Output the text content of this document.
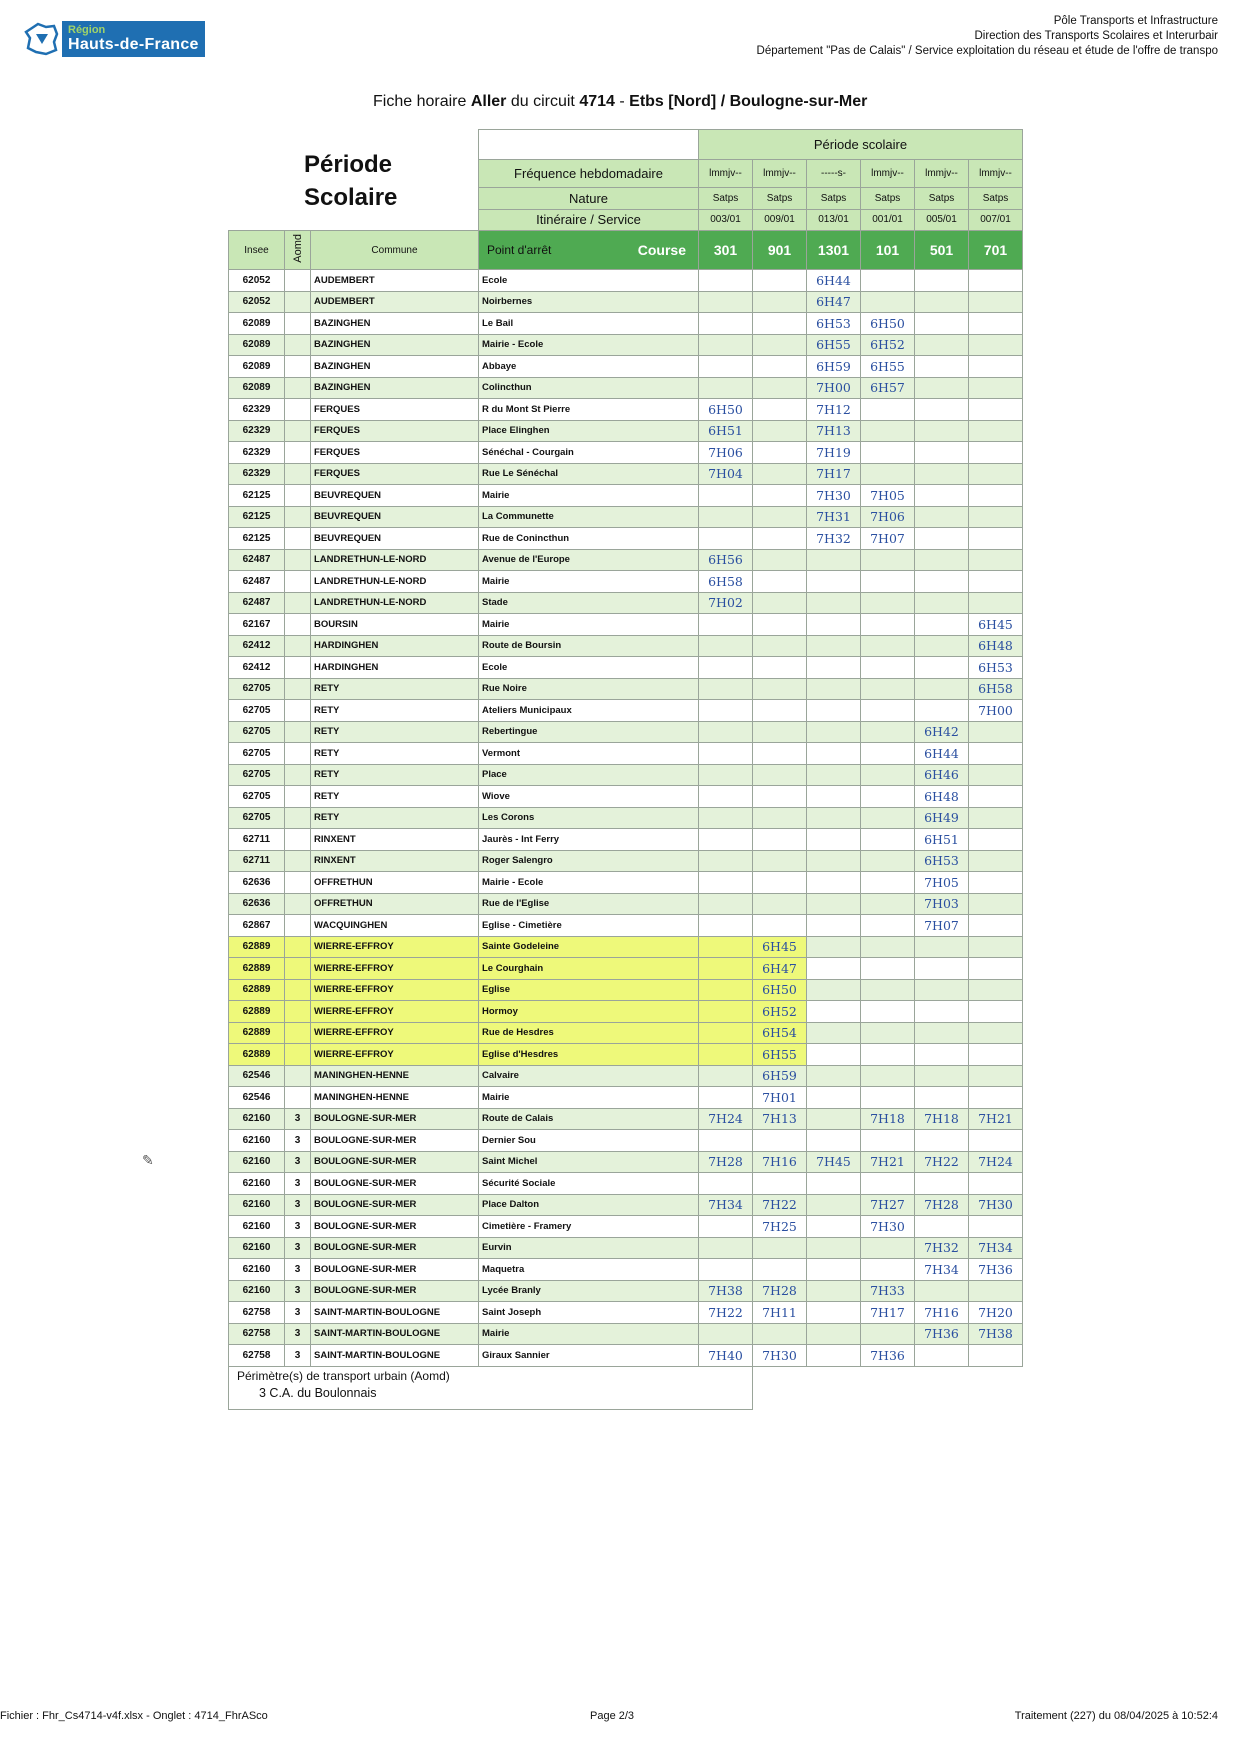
Région
Hauts-de-France
Pôle Transports et Infrastructure
Direction des Transports Scolaires et Interurbair
Département "Pas de Calais" / Service exploitation du réseau et étude de l'offre de transpo
Fiche horaire Aller du circuit 4714 - Etbs [Nord] / Boulogne-sur-Mer
Période
Scolaire
				Période scolaire					
			Fréquence hebdomadaire	lmmjv--	lmmjv--	-----s-	lmmjv--	lmmjv--	lmmjv--
			Nature	Satps	Satps	Satps	Satps	Satps	Satps
			Itinéraire / Service	003/01	009/01	013/01	001/01	005/01	007/01
Insee	Aomd	Commune	Point d'arrêt Course	301	901	1301	101	501	701
62052		AUDEMBERT	Ecole			6H44			
62052		AUDEMBERT	Noirbernes			6H47			
62089		BAZINGHEN	Le Bail			6H53	6H50		
62089		BAZINGHEN	Mairie - Ecole			6H55	6H52		
62089		BAZINGHEN	Abbaye			6H59	6H55		
62089		BAZINGHEN	Colincthun			7H00	6H57		
62329		FERQUES	R du Mont St Pierre	6H50		7H12			
62329		FERQUES	Place Elinghen	6H51		7H13			
62329		FERQUES	Sénéchal - Courgain	7H06		7H19			
62329		FERQUES	Rue Le Sénéchal	7H04		7H17			
62125		BEUVREQUEN	Mairie			7H30	7H05		
62125		BEUVREQUEN	La Communette			7H31	7H06		
62125		BEUVREQUEN	Rue de Conincthun			7H32	7H07		
62487		LANDRETHUN-LE-NORD	Avenue de l'Europe	6H56					
62487		LANDRETHUN-LE-NORD	Mairie	6H58					
62487		LANDRETHUN-LE-NORD	Stade	7H02					
62167		BOURSIN	Mairie						6H45
62412		HARDINGHEN	Route de Boursin						6H48
62412		HARDINGHEN	Ecole						6H53
62705		RETY	Rue Noire						6H58
62705		RETY	Ateliers Municipaux						7H00
62705		RETY	Rebertingue					6H42	
62705		RETY	Vermont					6H44	
62705		RETY	Place					6H46	
62705		RETY	Wiove					6H48	
62705		RETY	Les Corons					6H49	
62711		RINXENT	Jaurès - Int Ferry					6H51	
62711		RINXENT	Roger Salengro					6H53	
62636		OFFRETHUN	Mairie - Ecole					7H05	
62636		OFFRETHUN	Rue de l'Eglise					7H03	
62867		WACQUINGHEN	Eglise - Cimetière					7H07	
62889		WIERRE-EFFROY	Sainte Godeleine		6H45				
62889		WIERRE-EFFROY	Le Courghain		6H47				
62889		WIERRE-EFFROY	Eglise		6H50				
62889		WIERRE-EFFROY	Hormoy		6H52				
62889		WIERRE-EFFROY	Rue de Hesdres		6H54				
62889		WIERRE-EFFROY	Eglise d'Hesdres		6H55				
62546		MANINGHEN-HENNE	Calvaire		6H59				
62546		MANINGHEN-HENNE	Mairie		7H01				
62160	3	BOULOGNE-SUR-MER	Route de Calais	7H24	7H13		7H18	7H18	7H21
62160	3	BOULOGNE-SUR-MER	Dernier Sou						
62160	3	BOULOGNE-SUR-MER	Saint Michel	7H28	7H16	7H45	7H21	7H22	7H24
62160	3	BOULOGNE-SUR-MER	Sécurité Sociale						
62160	3	BOULOGNE-SUR-MER	Place Dalton	7H34	7H22		7H27	7H28	7H30
62160	3	BOULOGNE-SUR-MER	Cimetière - Framery		7H25		7H30		
62160	3	BOULOGNE-SUR-MER	Eurvin					7H32	7H34
62160	3	BOULOGNE-SUR-MER	Maquetra					7H34	7H36
62160	3	BOULOGNE-SUR-MER	Lycée Branly	7H38	7H28		7H33		
62758	3	SAINT-MARTIN-BOULOGNE	Saint Joseph	7H22	7H11		7H17	7H16	7H20
62758	3	SAINT-MARTIN-BOULOGNE	Mairie					7H36	7H38
62758	3	SAINT-MARTIN-BOULOGNE	Giraux Sannier	7H40	7H30		7H36		

Périmètre(s) de transport urbain (Aomd)
3 C.A. du Boulonnais									

✎
Fichier : Fhr_Cs4714-v4f.xlsx - Onglet : 4714_FhrASco	Page 2/3	Traitement (227) du 08/04/2025 à 10:52:4
